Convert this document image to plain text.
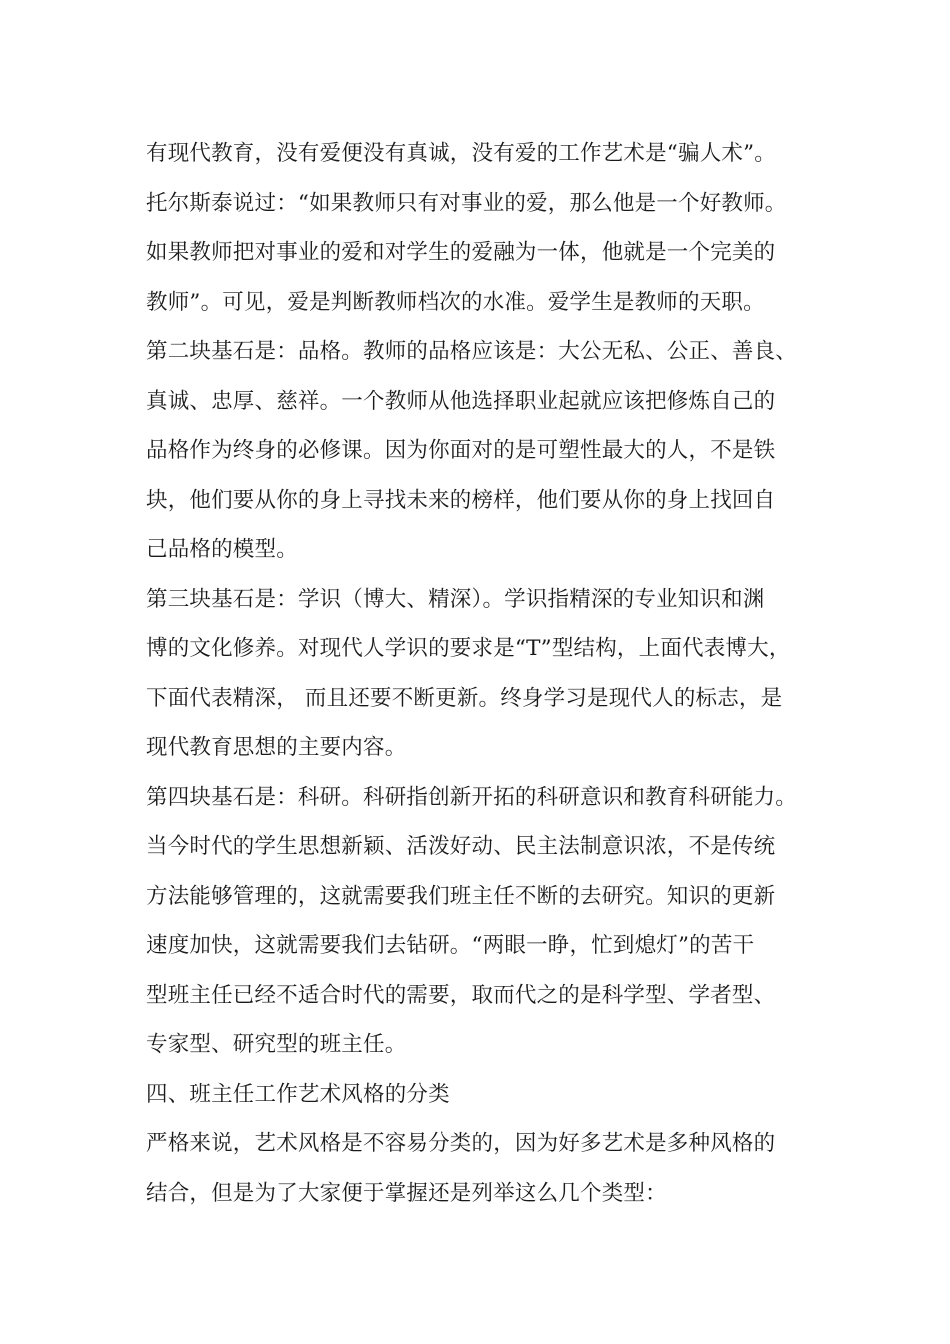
有现代教育，没有爱便没有真诚，没有爱的工作艺术是“骗人术”。
托尔斯泰说过：“如果教师只有对事业的爱，那么他是一个好教师。
如果教师把对事业的爱和对学生的爱融为一体，他就是一个完美的
教师”。可见，爱是判断教师档次的水准。爱学生是教师的天职。
第二块基石是：品格。教师的品格应该是：大公无私、公正、善良、
真诚、忠厚、慈祥。一个教师从他选择职业起就应该把修炼自己的
品格作为终身的必修课。因为你面对的是可塑性最大的人，不是铁
块，他们要从你的身上寻找未来的榜样，他们要从你的身上找回自
己品格的模型。
第三块基石是：学识（博大、精深）。学识指精深的专业知识和渊
博的文化修养。对现代人学识的要求是“T”型结构，上面代表博大，
下面代表精深， 而且还要不断更新。终身学习是现代人的标志，是
现代教育思想的主要内容。
第四块基石是：科研。科研指创新开拓的科研意识和教育科研能力。
当今时代的学生思想新颖、活泼好动、民主法制意识浓，不是传统
方法能够管理的，这就需要我们班主任不断的去研究。知识的更新
速度加快，这就需要我们去钻研。“两眼一睁，忙到熄灯”的苦干
型班主任已经不适合时代的需要，取而代之的是科学型、学者型、
专家型、研究型的班主任。
四、班主任工作艺术风格的分类
严格来说，艺术风格是不容易分类的，因为好多艺术是多种风格的
结合，但是为了大家便于掌握还是列举这么几个类型：
